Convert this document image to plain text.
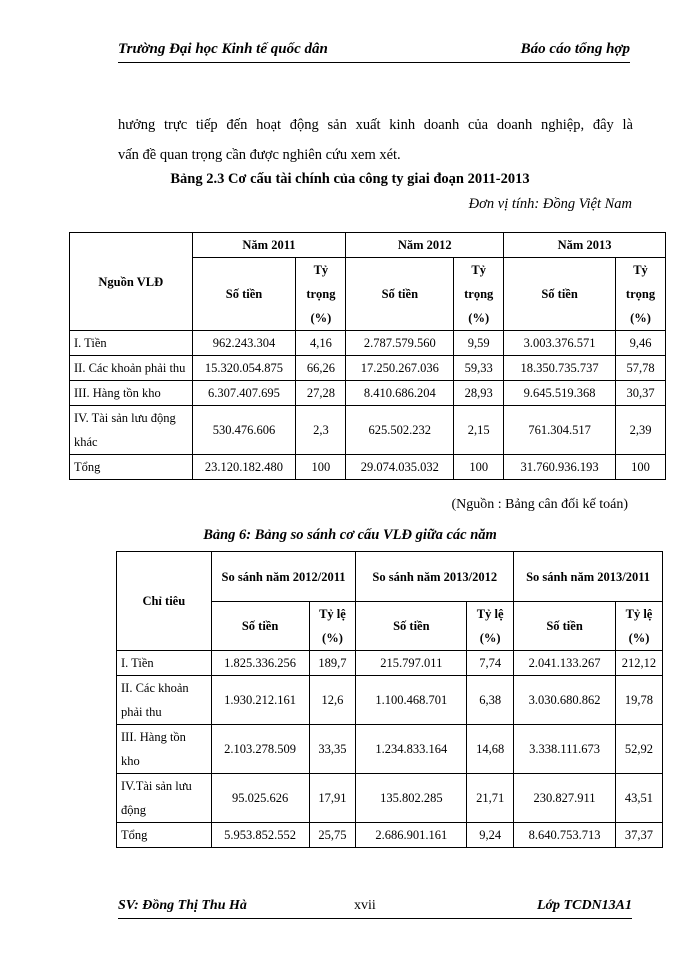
Trường Đại học Kinh tế quốc dân	Báo cáo tổng hợp

hưởng trực tiếp đến hoạt động sản xuất kinh doanh của doanh nghiệp, đây là

vấn đề quan trọng cần được nghiên cứu xem xét.

Bảng 2.3 Cơ cấu tài chính của công ty giai đoạn 2011-2013
Đơn vị tính: Đồng Việt Nam
Nguồn VLĐ	Năm 2011		Năm 2012		Năm 2013	
	Số tiền	Tỷ trọng (%)	Số tiền	Tỷ trọng (%)	Số tiền	Tỷ trọng (%)
I. Tiền	962.243.304	4,16	2.787.579.560	9,59	3.003.376.571	9,46
II. Các khoản phải thu	15.320.054.875	66,26	17.250.267.036	59,33	18.350.735.737	57,78
III. Hàng tồn kho	6.307.407.695	27,28	8.410.686.204	28,93	9.645.519.368	30,37
IV. Tài sản lưu động khác	530.476.606	2,3	625.502.232	2,15	761.304.517	2,39
Tổng	23.120.182.480	100	29.074.035.032	100	31.760.936.193	100
(Nguồn : Bảng cân đối kế toán)
Bảng 6: Bảng so sánh cơ cấu VLĐ giữa các năm
Chỉ tiêu	So sánh năm 2012/2011		So sánh năm 2013/2012		So sánh năm 2013/2011	
	Số tiền	Tỷ lệ (%)	Số tiền	Tỷ lệ (%)	Số tiền	Tỷ lệ (%)
I. Tiền	1.825.336.256	189,7	215.797.011	7,74	2.041.133.267	212,12
II. Các khoản phải thu	1.930.212.161	12,6	1.100.468.701	6,38	3.030.680.862	19,78
III. Hàng tồn kho	2.103.278.509	33,35	1.234.833.164	14,68	3.338.111.673	52,92
IV.Tài sản lưu động	95.025.626	17,91	135.802.285	21,71	230.827.911	43,51
Tổng	5.953.852.552	25,75	2.686.901.161	9,24	8.640.753.713	37,37
SV: Đồng Thị Thu Hà	xvii	Lớp TCDN13A1
